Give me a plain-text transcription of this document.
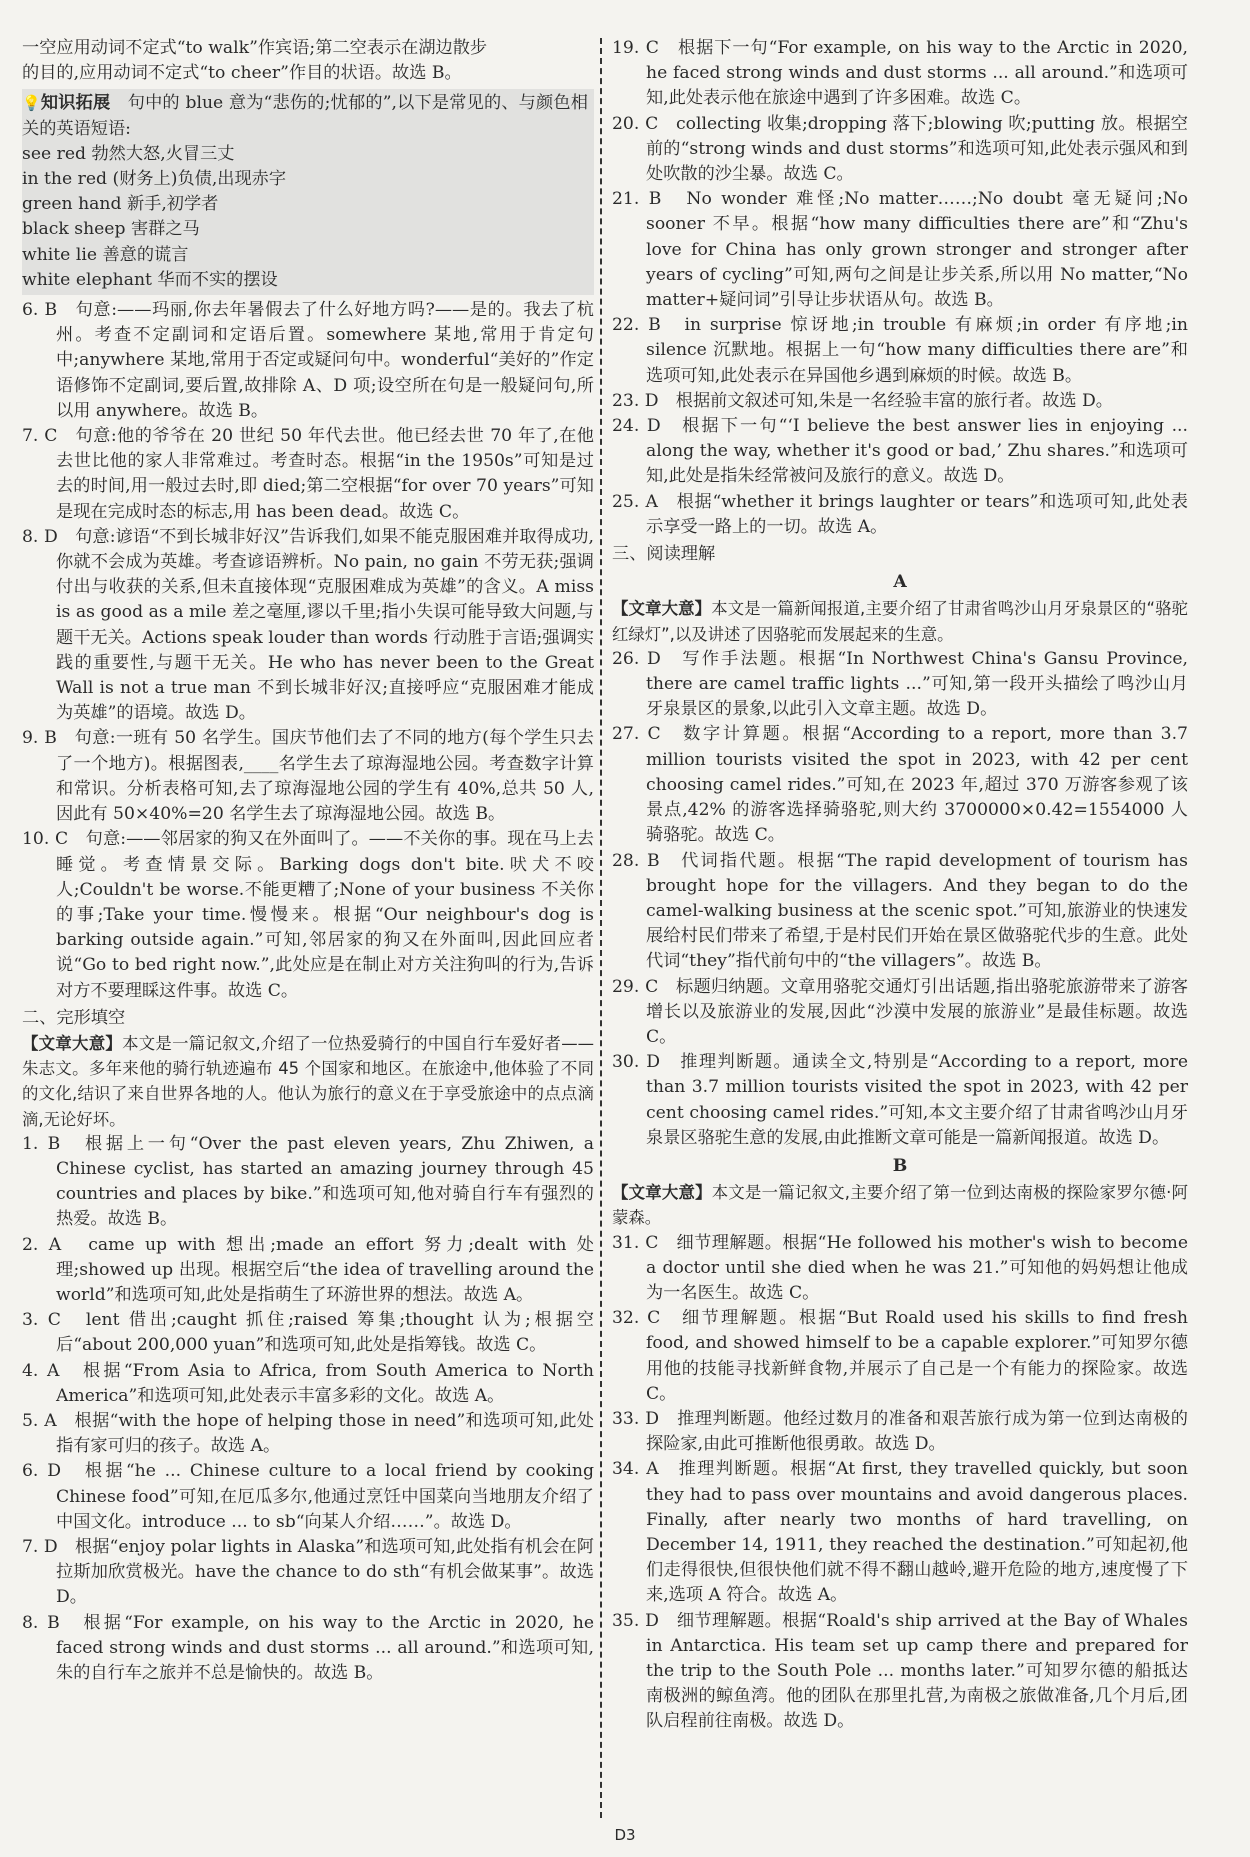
一空应用动词不定式“to walk”作宾语;第二空表示在湖边散步

的目的,应用动词不定式“to cheer”作目的状语。故选 B。

💡知识拓展　 句中的 blue 意为“悲伤的;忧郁的”,以下是常见的、与颜色相关的英语短语:

see red 勃然大怒,火冒三丈

in the red (财务上)负债,出现赤字

green hand 新手,初学者

black sheep 害群之马

white lie 善意的谎言

white elephant 华而不实的摆设

6. B　句意:——玛丽,你去年暑假去了什么好地方吗?——是的。我去了杭州。考查不定副词和定语后置。somewhere 某地,常用于肯定句中;anywhere 某地,常用于否定或疑问句中。wonderful“美好的”作定语修饰不定副词,要后置,故排除 A、D 项;设空所在句是一般疑问句,所以用 anywhere。故选 B。

7. C　句意:他的爷爷在 20 世纪 50 年代去世。他已经去世 70 年了,在他去世比他的家人非常难过。考查时态。根据“in the 1950s”可知是过去的时间,用一般过去时,即 died;第二空根据“for over 70 years”可知是现在完成时态的标志,用 has been dead。故选 C。

8. D　句意:谚语“不到长城非好汉”告诉我们,如果不能克服困难并取得成功,你就不会成为英雄。考查谚语辨析。No pain, no gain 不劳无获;强调付出与收获的关系,但未直接体现“克服困难成为英雄”的含义。A miss is as good as a mile 差之毫厘,谬以千里;指小失误可能导致大问题,与题干无关。Actions speak louder than words 行动胜于言语;强调实践的重要性,与题干无关。He who has never been to the Great Wall is not a true man 不到长城非好汉;直接呼应“克服困难才能成为英雄”的语境。故选 D。

9. B　句意:一班有 50 名学生。国庆节他们去了不同的地方(每个学生只去了一个地方)。根据图表,____名学生去了琼海湿地公园。考查数字计算和常识。分析表格可知,去了琼海湿地公园的学生有 40%,总共 50 人,因此有 50×40%=20 名学生去了琼海湿地公园。故选 B。

10. C　句意:——邻居家的狗又在外面叫了。——不关你的事。现在马上去睡觉。考查情景交际。Barking dogs don't bite.吠犬不咬人;Couldn't be worse.不能更糟了;None of your business 不关你的事;Take your time.慢慢来。根据“Our neighbour's dog is barking outside again.”可知,邻居家的狗又在外面叫,因此回应者说“Go to bed right now.”,此处应是在制止对方关注狗叫的行为,告诉对方不要理睬这件事。故选 C。

二、完形填空

【文章大意】本文是一篇记叙文,介绍了一位热爱骑行的中国自行车爱好者——朱志文。多年来他的骑行轨迹遍布 45 个国家和地区。在旅途中,他体验了不同的文化,结识了来自世界各地的人。他认为旅行的意义在于享受旅途中的点点滴滴,无论好坏。

1. B　根据上一句“Over the past eleven years, Zhu Zhiwen, a Chinese cyclist, has started an amazing journey through 45 countries and places by bike.”和选项可知,他对骑自行车有强烈的热爱。故选 B。

2. A　came up with 想出;made an effort 努力;dealt with 处理;showed up 出现。根据空后“the idea of travelling around the world”和选项可知,此处是指萌生了环游世界的想法。故选 A。

3. C　lent 借出;caught 抓住;raised 筹集;thought 认为;根据空后“about 200,000 yuan”和选项可知,此处是指筹钱。故选 C。

4. A　根据“From Asia to Africa, from South America to North America”和选项可知,此处表示丰富多彩的文化。故选 A。

5. A　根据“with the hope of helping those in need”和选项可知,此处指有家可归的孩子。故选 A。

6. D　根据“he ... Chinese culture to a local friend by cooking Chinese food”可知,在厄瓜多尔,他通过烹饪中国菜向当地朋友介绍了中国文化。introduce ... to sb“向某人介绍……”。故选 D。

7. D　根据“enjoy polar lights in Alaska”和选项可知,此处指有机会在阿拉斯加欣赏极光。have the chance to do sth“有机会做某事”。故选 D。

8. B　根据“For example, on his way to the Arctic in 2020, he faced strong winds and dust storms ... all around.”和选项可知,朱的自行车之旅并不总是愉快的。故选 B。

19. C　根据下一句“For example, on his way to the Arctic in 2020, he faced strong winds and dust storms ... all around.”和选项可知,此处表示他在旅途中遇到了许多困难。故选 C。

20. C　collecting 收集;dropping 落下;blowing 吹;putting 放。根据空前的“strong winds and dust storms”和选项可知,此处表示强风和到处吹散的沙尘暴。故选 C。

21. B　No wonder 难怪;No matter……;No doubt 毫无疑问;No sooner 不早。根据“how many difficulties there are”和“Zhu's love for China has only grown stronger and stronger after years of cycling”可知,两句之间是让步关系,所以用 No matter,“No matter+疑问词”引导让步状语从句。故选 B。

22. B　in surprise 惊讶地;in trouble 有麻烦;in order 有序地;in silence 沉默地。根据上一句“how many difficulties there are”和选项可知,此处表示在异国他乡遇到麻烦的时候。故选 B。

23. D　根据前文叙述可知,朱是一名经验丰富的旅行者。故选 D。

24. D　根据下一句“‘I believe the best answer lies in enjoying ... along the way, whether it's good or bad,’ Zhu shares.”和选项可知,此处是指朱经常被问及旅行的意义。故选 D。

25. A　根据“whether it brings laughter or tears”和选项可知,此处表示享受一路上的一切。故选 A。

三、阅读理解

A

【文章大意】本文是一篇新闻报道,主要介绍了甘肃省鸣沙山月牙泉景区的“骆驼红绿灯”,以及讲述了因骆驼而发展起来的生意。

26. D　写作手法题。根据“In Northwest China's Gansu Province, there are camel traffic lights ...”可知,第一段开头描绘了鸣沙山月牙泉景区的景象,以此引入文章主题。故选 D。

27. C　数字计算题。根据“According to a report, more than 3.7 million tourists visited the spot in 2023, with 42 per cent choosing camel rides.”可知,在 2023 年,超过 370 万游客参观了该景点,42% 的游客选择骑骆驼,则大约 3700000×0.42=1554000 人骑骆驼。故选 C。

28. B　代词指代题。根据“The rapid development of tourism has brought hope for the villagers. And they began to do the camel-walking business at the scenic spot.”可知,旅游业的快速发展给村民们带来了希望,于是村民们开始在景区做骆驼代步的生意。此处代词“they”指代前句中的“the villagers”。故选 B。

29. C　标题归纳题。文章用骆驼交通灯引出话题,指出骆驼旅游带来了游客增长以及旅游业的发展,因此“沙漠中发展的旅游业”是最佳标题。故选 C。

30. D　推理判断题。通读全文,特别是“According to a report, more than 3.7 million tourists visited the spot in 2023, with 42 per cent choosing camel rides.”可知,本文主要介绍了甘肃省鸣沙山月牙泉景区骆驼生意的发展,由此推断文章可能是一篇新闻报道。故选 D。

B

【文章大意】本文是一篇记叙文,主要介绍了第一位到达南极的探险家罗尔德·阿蒙森。

31. C　细节理解题。根据“He followed his mother's wish to become a doctor until she died when he was 21.”可知他的妈妈想让他成为一名医生。故选 C。

32. C　细节理解题。根据“But Roald used his skills to find fresh food, and showed himself to be a capable explorer.”可知罗尔德用他的技能寻找新鲜食物,并展示了自己是一个有能力的探险家。故选 C。

33. D　推理判断题。他经过数月的准备和艰苦旅行成为第一位到达南极的探险家,由此可推断他很勇敢。故选 D。

34. A　推理判断题。根据“At first, they travelled quickly, but soon they had to pass over mountains and avoid dangerous places. Finally, after nearly two months of hard travelling, on December 14, 1911, they reached the destination.”可知起初,他们走得很快,但很快他们就不得不翻山越岭,避开危险的地方,速度慢了下来,选项 A 符合。故选 A。

35. D　细节理解题。根据“Roald's ship arrived at the Bay of Whales in Antarctica. His team set up camp there and prepared for the trip to the South Pole ... months later.”可知罗尔德的船抵达南极洲的鲸鱼湾。他的团队在那里扎营,为南极之旅做准备,几个月后,团队启程前往南极。故选 D。

D3
